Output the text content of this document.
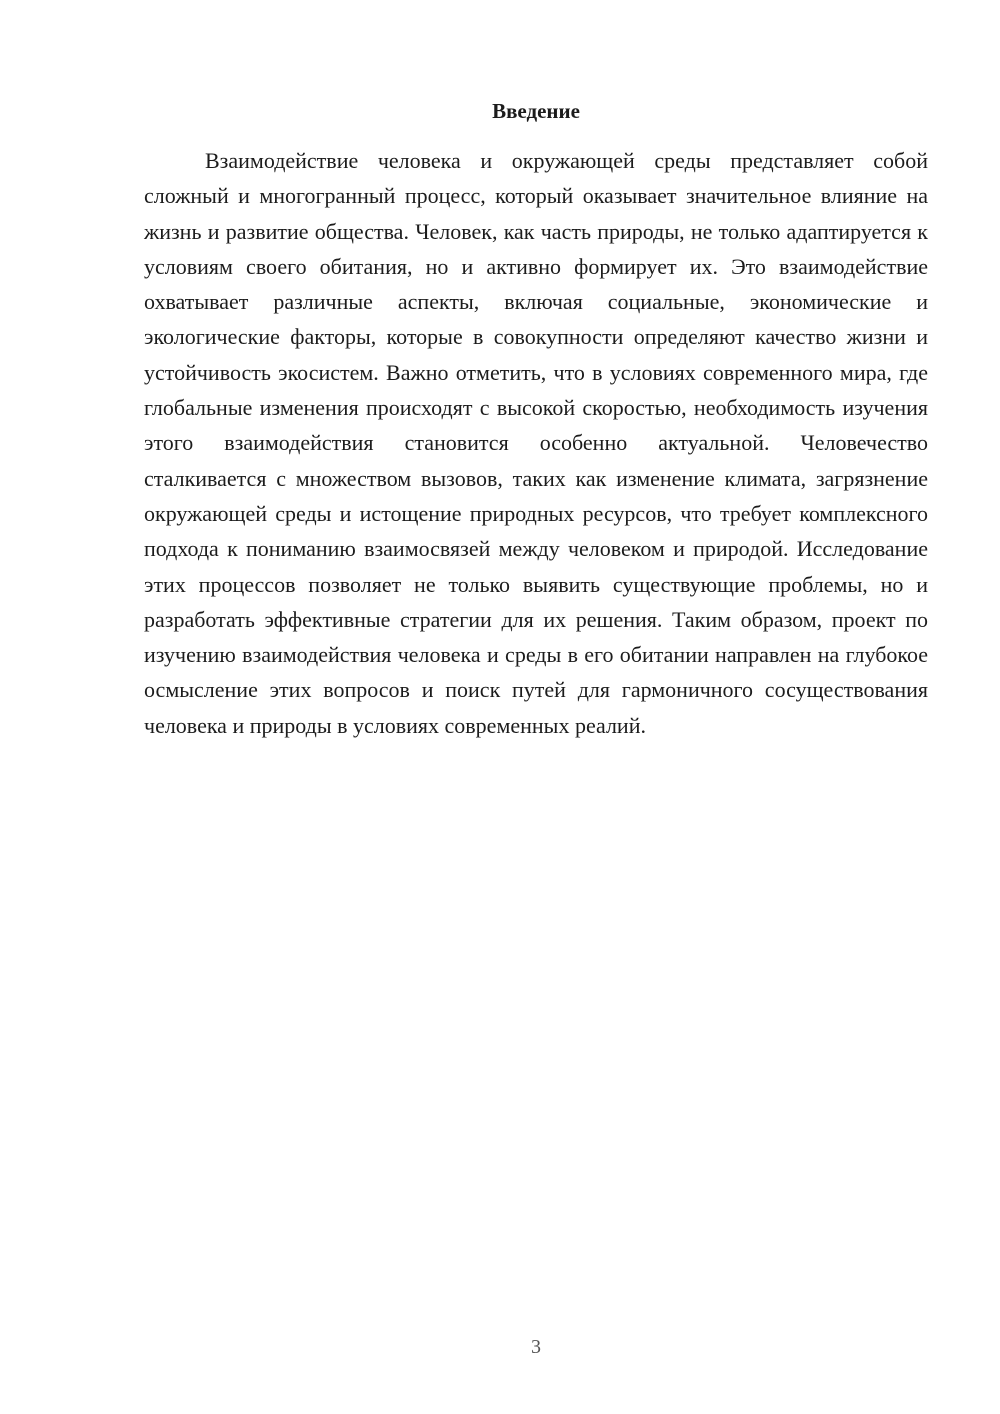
Введение

Взаимодействие человека и окружающей среды представляет собой сложный и многогранный процесс, который оказывает значительное влияние на жизнь и развитие общества. Человек, как часть природы, не только адаптируется к условиям своего обитания, но и активно формирует их. Это взаимодействие охватывает различные аспекты, включая социальные, экономические и экологические факторы, которые в совокупности определяют качество жизни и устойчивость экосистем. Важно отметить, что в условиях современного мира, где глобальные изменения происходят с высокой скоростью, необходимость изучения этого взаимодействия становится особенно актуальной. Человечество сталкивается с множеством вызовов, таких как изменение климата, загрязнение окружающей среды и истощение природных ресурсов, что требует комплексного подхода к пониманию взаимосвязей между человеком и природой. Исследование этих процессов позволяет не только выявить существующие проблемы, но и разработать эффективные стратегии для их решения. Таким образом, проект по изучению взаимодействия человека и среды в его обитании направлен на глубокое осмысление этих вопросов и поиск путей для гармоничного сосуществования человека и природы в условиях современных реалий.

3
